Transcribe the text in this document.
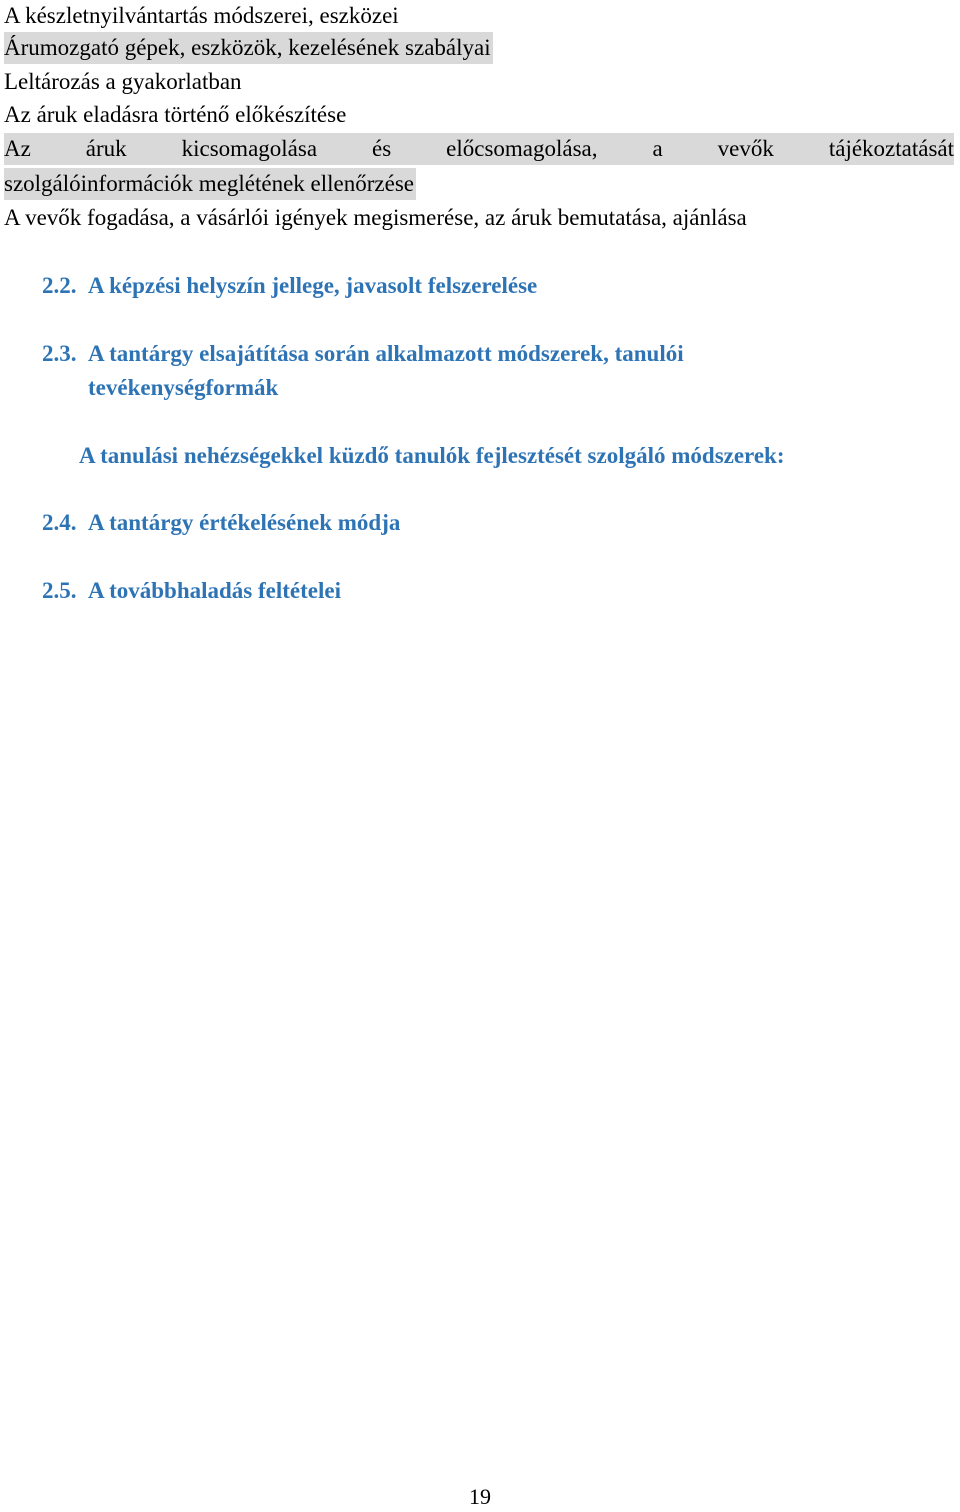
A készletnyilvántartás módszerei, eszközei
Árumozgató gépek, eszközök, kezelésének szabályai
Leltározás a gyakorlatban
Az áruk eladásra történő előkészítése
Az áruk kicsomagolása és előcsomagolása, a vevők tájékoztatását
szolgálóinformációk meglétének ellenőrzése
A vevők fogadása, a vásárlói igények megismerése, az áruk bemutatása, ajánlása
2.2. A képzési helyszín jellege, javasolt felszerelése
2.3. A tantárgy elsajátítása során alkalmazott módszerek, tanulói
tevékenységformák
A tanulási nehézségekkel küzdő tanulók fejlesztését szolgáló módszerek:
2.4. A tantárgy értékelésének módja
2.5. A továbbhaladás feltételei
19
